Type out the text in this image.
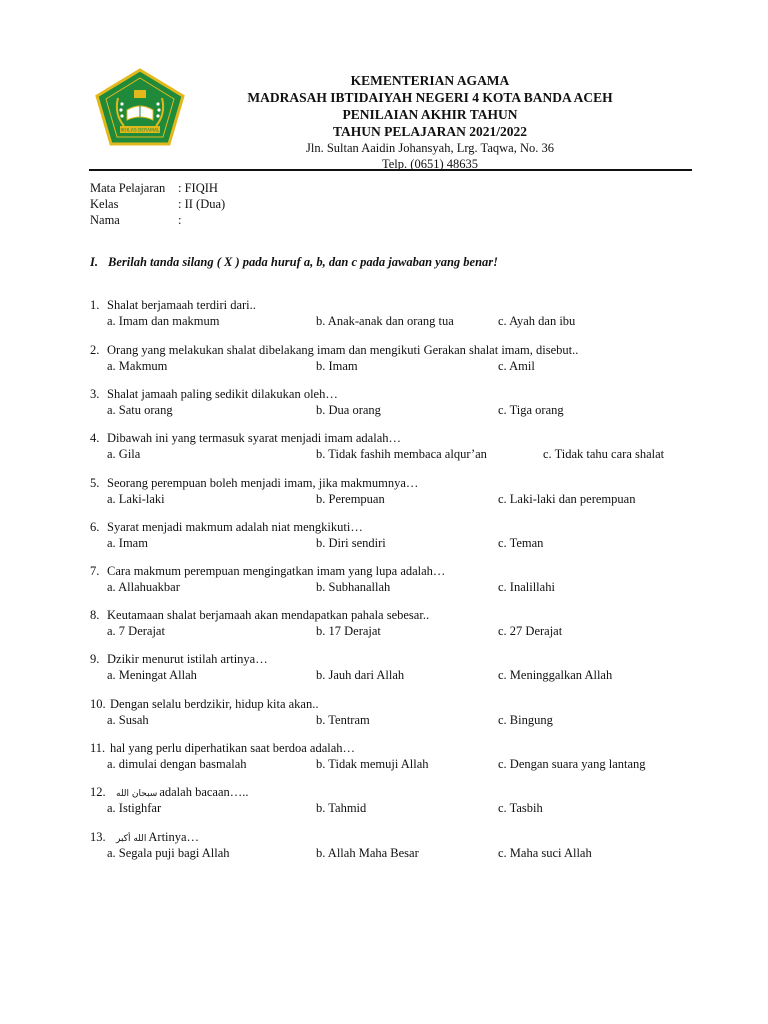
IKHLAS BERAMAL
KEMENTERIAN AGAMA
MADRASAH IBTIDAIYAH NEGERI 4 KOTA BANDA ACEH
PENILAIAN AKHIR TAHUN
TAHUN PELAJARAN 2021/2022
Jln. Sultan Aaidin Johansyah, Lrg. Taqwa, No. 36
Telp. (0651) 48635
Mata Pelajaran : FIQIH
Kelas	: II (Dua)
Nama	:
I. Berilah tanda silang ( X ) pada huruf a, b, dan c pada jawaban yang benar!
1. Shalat berjamaah terdiri dari..
a. Imam dan makmum	b. Anak-anak dan orang tua	c. Ayah dan ibu
2. Orang yang melakukan shalat dibelakang imam dan mengikuti Gerakan shalat imam, disebut..
a. Makmum	b. Imam	c. Amil
3. Shalat jamaah paling sedikit dilakukan oleh…
a. Satu orang	b. Dua orang	c. Tiga orang
4. Dibawah ini yang termasuk syarat menjadi imam adalah…
a. Gila	b. Tidak fashih membaca alqur’an	c. Tidak tahu cara shalat
5. Seorang perempuan boleh menjadi imam, jika makmumnya…
a. Laki-laki	b. Perempuan	c. Laki-laki dan perempuan
6. Syarat menjadi makmum adalah niat mengkikuti…
a. Imam	b. Diri sendiri	c. Teman
7. Cara makmum perempuan mengingatkan imam yang lupa adalah…
a. Allahuakbar	b. Subhanallah	c. Inalillahi
8. Keutamaan shalat berjamaah akan mendapatkan pahala sebesar..
a. 7 Derajat	b. 17 Derajat	c. 27 Derajat
9. Dzikir menurut istilah artinya…
a. Meningat Allah	b. Jauh dari Allah	c. Meninggalkan Allah
10. Dengan selalu berdzikir, hidup kita akan..
a. Susah	b. Tentram	c. Bingung
11. hal yang perlu diperhatikan saat berdoa adalah…
a. dimulai dengan basmalah	b. Tidak memuji Allah	c. Dengan suara yang lantang
12. سبحان الله adalah bacaan…..
a. Istighfar	b. Tahmid	c. Tasbih
13. الله أكبر Artinya…
a. Segala puji bagi Allah	b. Allah Maha Besar	c. Maha suci Allah
